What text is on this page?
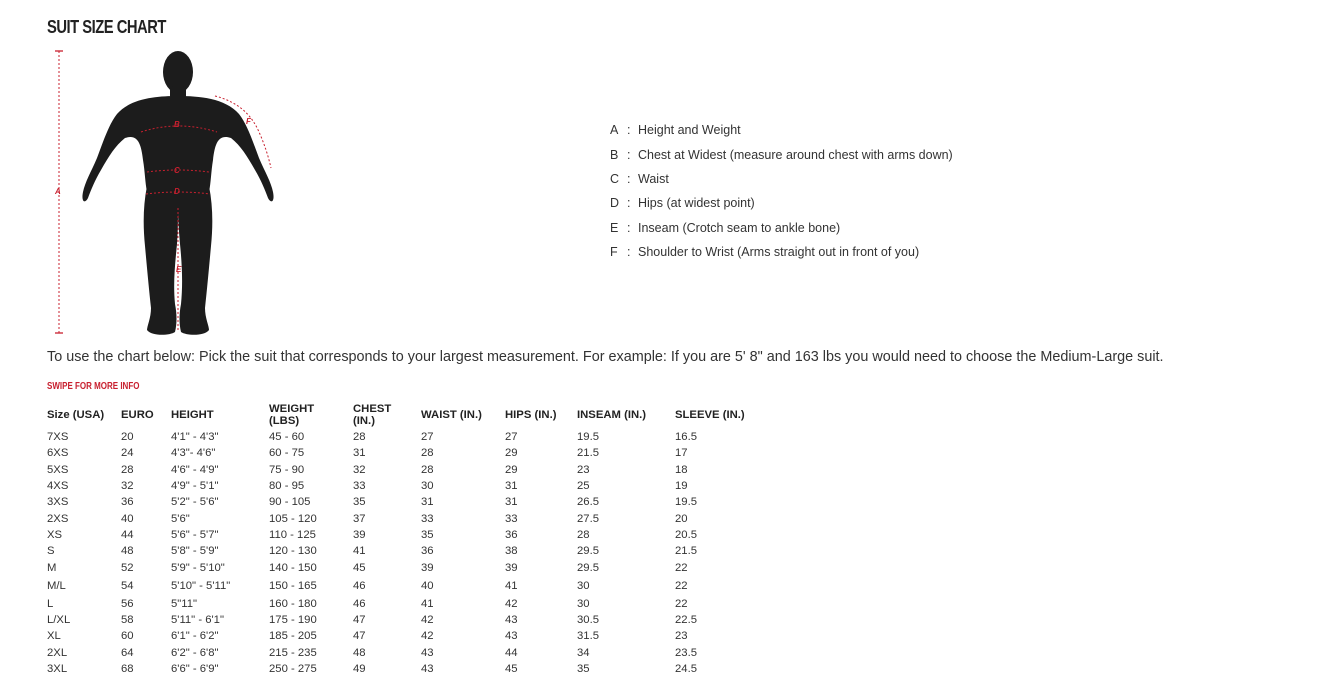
SUIT SIZE CHART
A
B
C
D
E
F
A : Height and Weight
B : Chest at Widest (measure around chest with arms down)
C : Waist
D : Hips (at widest point)
E : Inseam (Crotch seam to ankle bone)
F : Shoulder to Wrist (Arms straight out in front of you)

To use the chart below: Pick the suit that corresponds to your largest measurement. For example: If you are 5' 8" and 163 lbs you would need to choose the Medium-Large suit.

SWIPE FOR MORE INFO

Size (USA)	EURO	HEIGHT	WEIGHT (LBS)	CHEST (IN.)	WAIST (IN.)	HIPS (IN.)	INSEAM (IN.)	SLEEVE (IN.)
7XS	20	4'1" - 4'3"	45 - 60	28	27	27	19.5	16.5
6XS	24	4'3"- 4'6"	60 - 75	31	28	29	21.5	17
5XS	28	4'6" - 4'9"	75 - 90	32	28	29	23	18
4XS	32	4'9" - 5'1"	80 - 95	33	30	31	25	19
3XS	36	5'2" - 5'6"	90 - 105	35	31	31	26.5	19.5
2XS	40	5'6"	105 - 120	37	33	33	27.5	20
XS	44	5'6" - 5'7"	110 - 125	39	35	36	28	20.5
S	48	5'8" - 5'9"	120 - 130	41	36	38	29.5	21.5
M	52	5'9" - 5'10"	140 - 150	45	39	39	29.5	22
M/L	54	5'10" - 5'11"	150 - 165	46	40	41	30	22
L	56	5"11"	160 - 180	46	41	42	30	22
L/XL	58	5'11" - 6'1"	175 - 190	47	42	43	30.5	22.5
XL	60	6'1" - 6'2"	185 - 205	47	42	43	31.5	23
2XL	64	6'2" - 6'8"	215 - 235	48	43	44	34	23.5
3XL	68	6'6" - 6'9"	250 - 275	49	43	45	35	24.5
